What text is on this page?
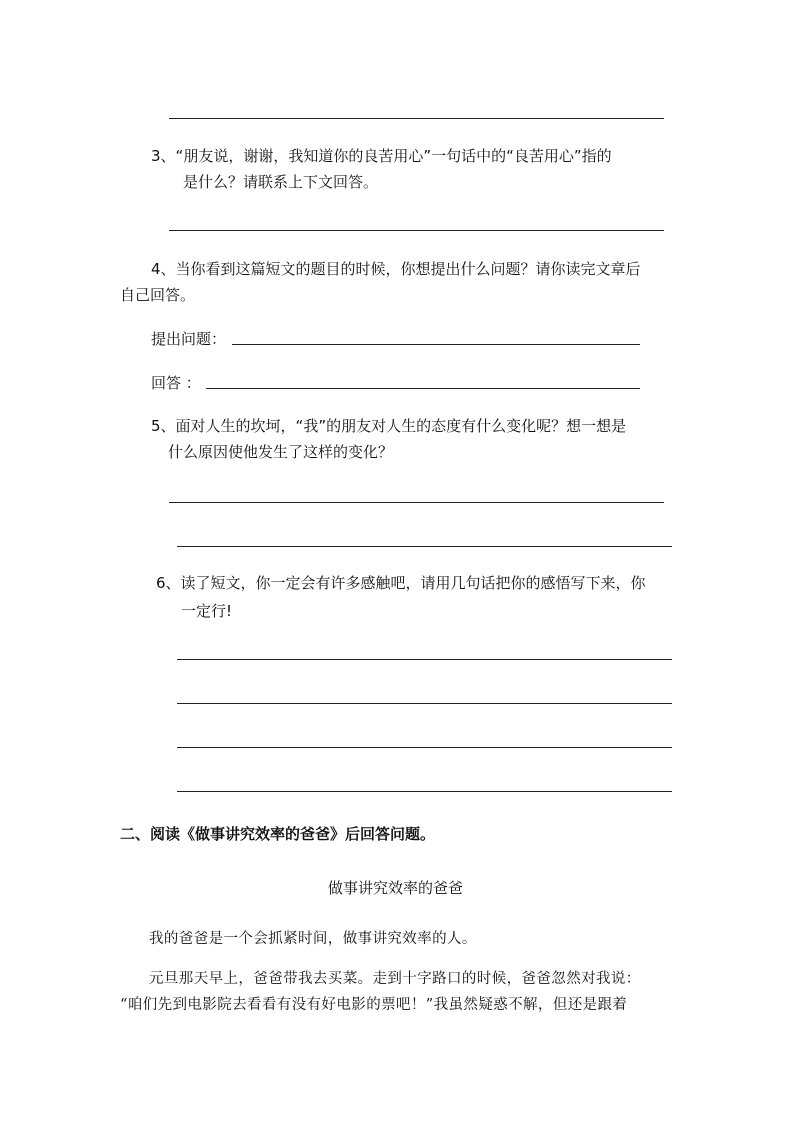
3、“朋友说，谢谢，我知道你的良苦用心”一句话中的“良苦用心”指的
是什么？请联系上下文回答。
4、当你看到这篇短文的题目的时候，你想提出什么问题？请你读完文章后
自己回答。
提出问题：
回答 ：
5、面对人生的坎坷，“我”的朋友对人生的态度有什么变化呢？想一想是
什么原因使他发生了这样的变化？
6、读了短文，你一定会有许多感触吧，请用几句话把你的感悟写下来，你
一定行!
二、阅读《做事讲究效率的爸爸》后回答问题。
做事讲究效率的爸爸
我的爸爸是一个会抓紧时间，做事讲究效率的人。
元旦那天早上，爸爸带我去买菜。走到十字路口的时候，爸爸忽然对我说：
“咱们先到电影院去看看有没有好电影的票吧！”我虽然疑惑不解，但还是跟着
